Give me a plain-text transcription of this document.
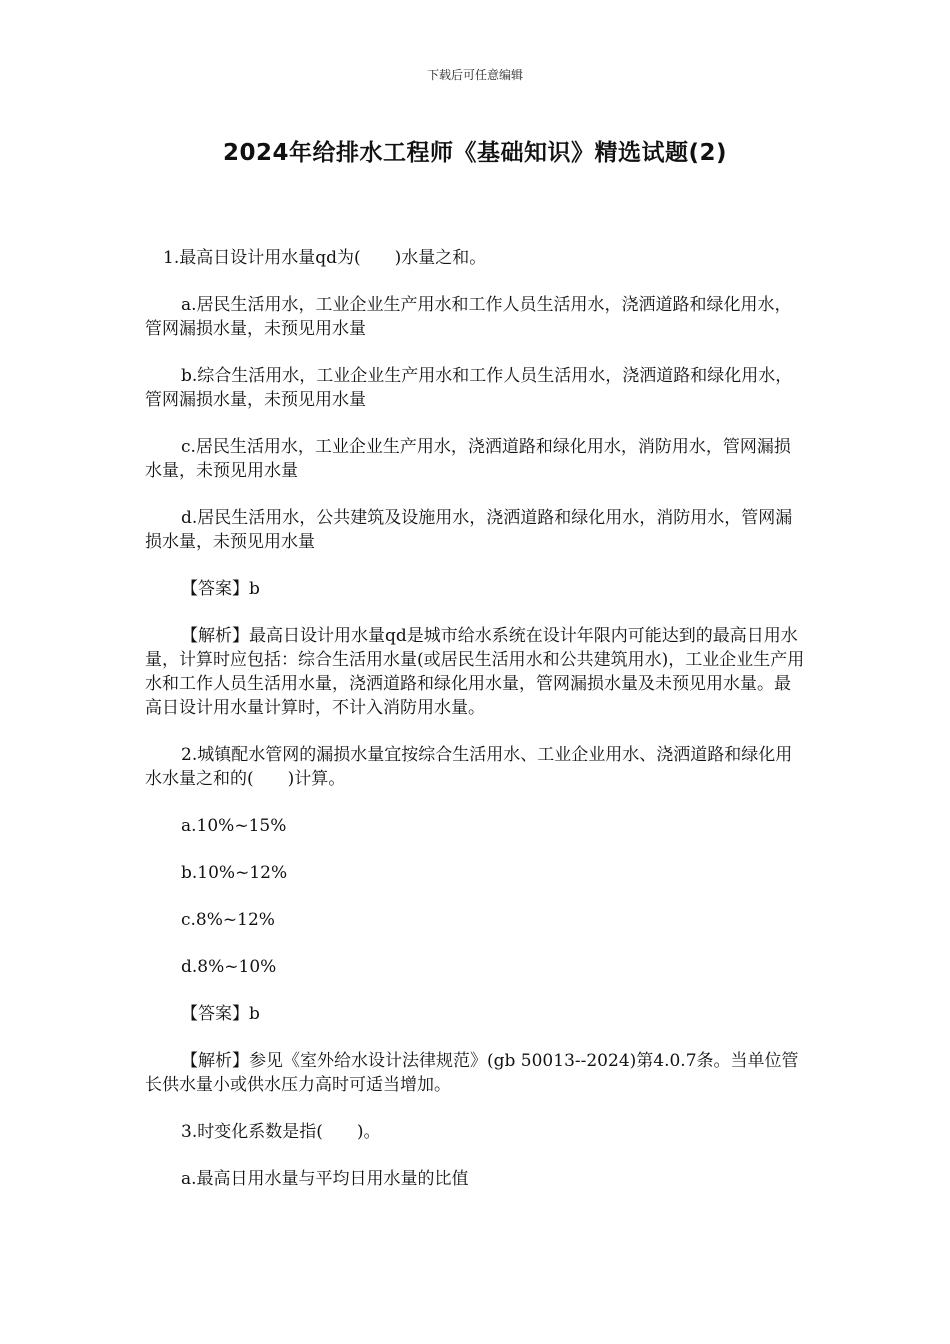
下载后可任意编辑
2024年给排水工程师《基础知识》精选试题(2)

1.最高日设计用水量qd为(　　)水量之和。

a.居民生活用水，工业企业生产用水和工作人员生活用水，浇洒道路和绿化用水，管网漏损水量，未预见用水量

b.综合生活用水，工业企业生产用水和工作人员生活用水，浇洒道路和绿化用水，管网漏损水量，未预见用水量

c.居民生活用水，工业企业生产用水，浇洒道路和绿化用水，消防用水，管网漏损水量，未预见用水量

d.居民生活用水，公共建筑及设施用水，浇洒道路和绿化用水，消防用水，管网漏损水量，未预见用水量

【答案】b

【解析】最高日设计用水量qd是城市给水系统在设计年限内可能达到的最高日用水量，计算时应包括：综合生活用水量(或居民生活用水和公共建筑用水)，工业企业生产用水和工作人员生活用水量，浇洒道路和绿化用水量，管网漏损水量及未预见用水量。最高日设计用水量计算时，不计入消防用水量。

2.城镇配水管网的漏损水量宜按综合生活用水、工业企业用水、浇洒道路和绿化用水水量之和的(　　)计算。

a.10%~15%

b.10%~12%

c.8%~12%

d.8%~10%

【答案】b

【解析】参见《室外给水设计法律规范》(gb 50013--2024)第4.0.7条。当单位管长供水量小或供水压力高时可适当增加。

3.时变化系数是指(　　)。

a.最高日用水量与平均日用水量的比值
